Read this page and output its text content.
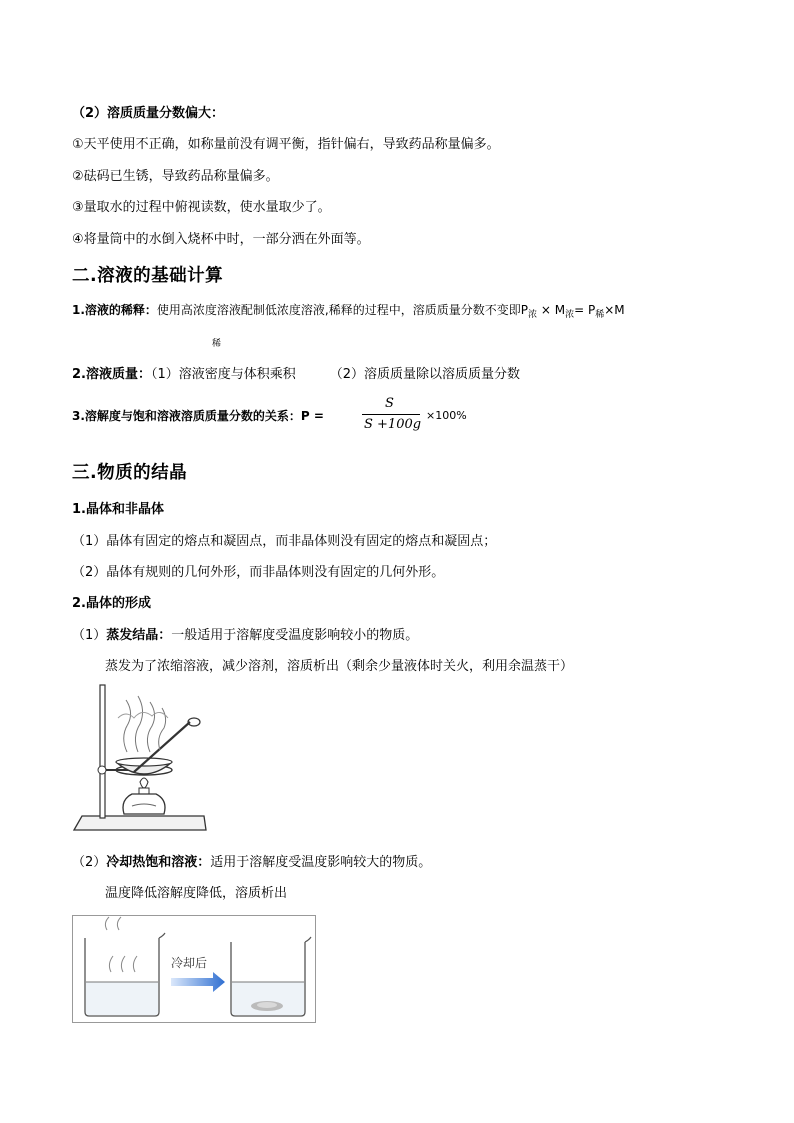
（2）溶质质量分数偏大：
①天平使用不正确，如称量前没有调平衡，指针偏右，导致药品称量偏多。
②砝码已生锈，导致药品称量偏多。
③量取水的过程中俯视读数，使水量取少了。
④将量筒中的水倒入烧杯中时，一部分洒在外面等。
二.溶液的基础计算
1.溶液的稀释：使用高浓度溶液配制低浓度溶液,稀释的过程中，溶质质量分数不变即$P_浓 \times M_浓= P_稀\times M$
稀
2.溶液质量：（1）溶液密度与体积乘积	（2）溶质质量除以溶质质量分数
3.溶解度与饱和溶液溶质质量分数的关系：P =
S
S +100g
×100%
三.物质的结晶
1.晶体和非晶体
（1）晶体有固定的熔点和凝固点，而非晶体则没有固定的熔点和凝固点；
（2）晶体有规则的几何外形，而非晶体则没有固定的几何外形。
2.晶体的形成
（1）蒸发结晶：一般适用于溶解度受温度影响较小的物质。
蒸发为了浓缩溶液，减少溶剂，溶质析出（剩余少量液体时关火，利用余温蒸干）
（2）冷却热饱和溶液：适用于溶解度受温度影响较大的物质。
温度降低溶解度降低，溶质析出
冷却后
